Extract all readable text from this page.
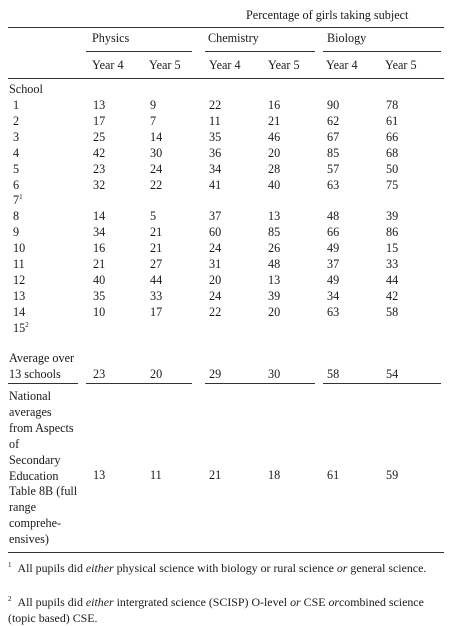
Percentage of girls taking subject
Physics	Chemistry	Biology
Year 4 Year 5 Year 4 Year 5 Year 4 Year 5
School
1	13	9	22	16	90	78
2	17	7	11	21	62	61
3	25	14	35	46	67	66
4	42	30	36	20	85	68
5	23	24	34	28	57	50
6	32	22	41	40	63	75
$7^1$
8	14	5	37	13	48	39
9	34	21	60	85	66	86
10	16	21	24	26	49	15
11	21	27	31	48	37	33
12	40	44	20	13	49	44
13	35	33	24	39	34	42
14	10	17	22	20	63	58
$15^2$
Average over
13 schools	23	20	29	30	58	54
National
averages
from Aspects
of
Secondary
Education
Table 8B (full
range
comprehe-
ensives)
13	11	21	18	61	59
$^1$ All pupils did either physical science with biology or rural science or general science.
$^2$ All pupils did either intergrated science (SCISP) O-level or CSE orcombined science (topic based) CSE.
